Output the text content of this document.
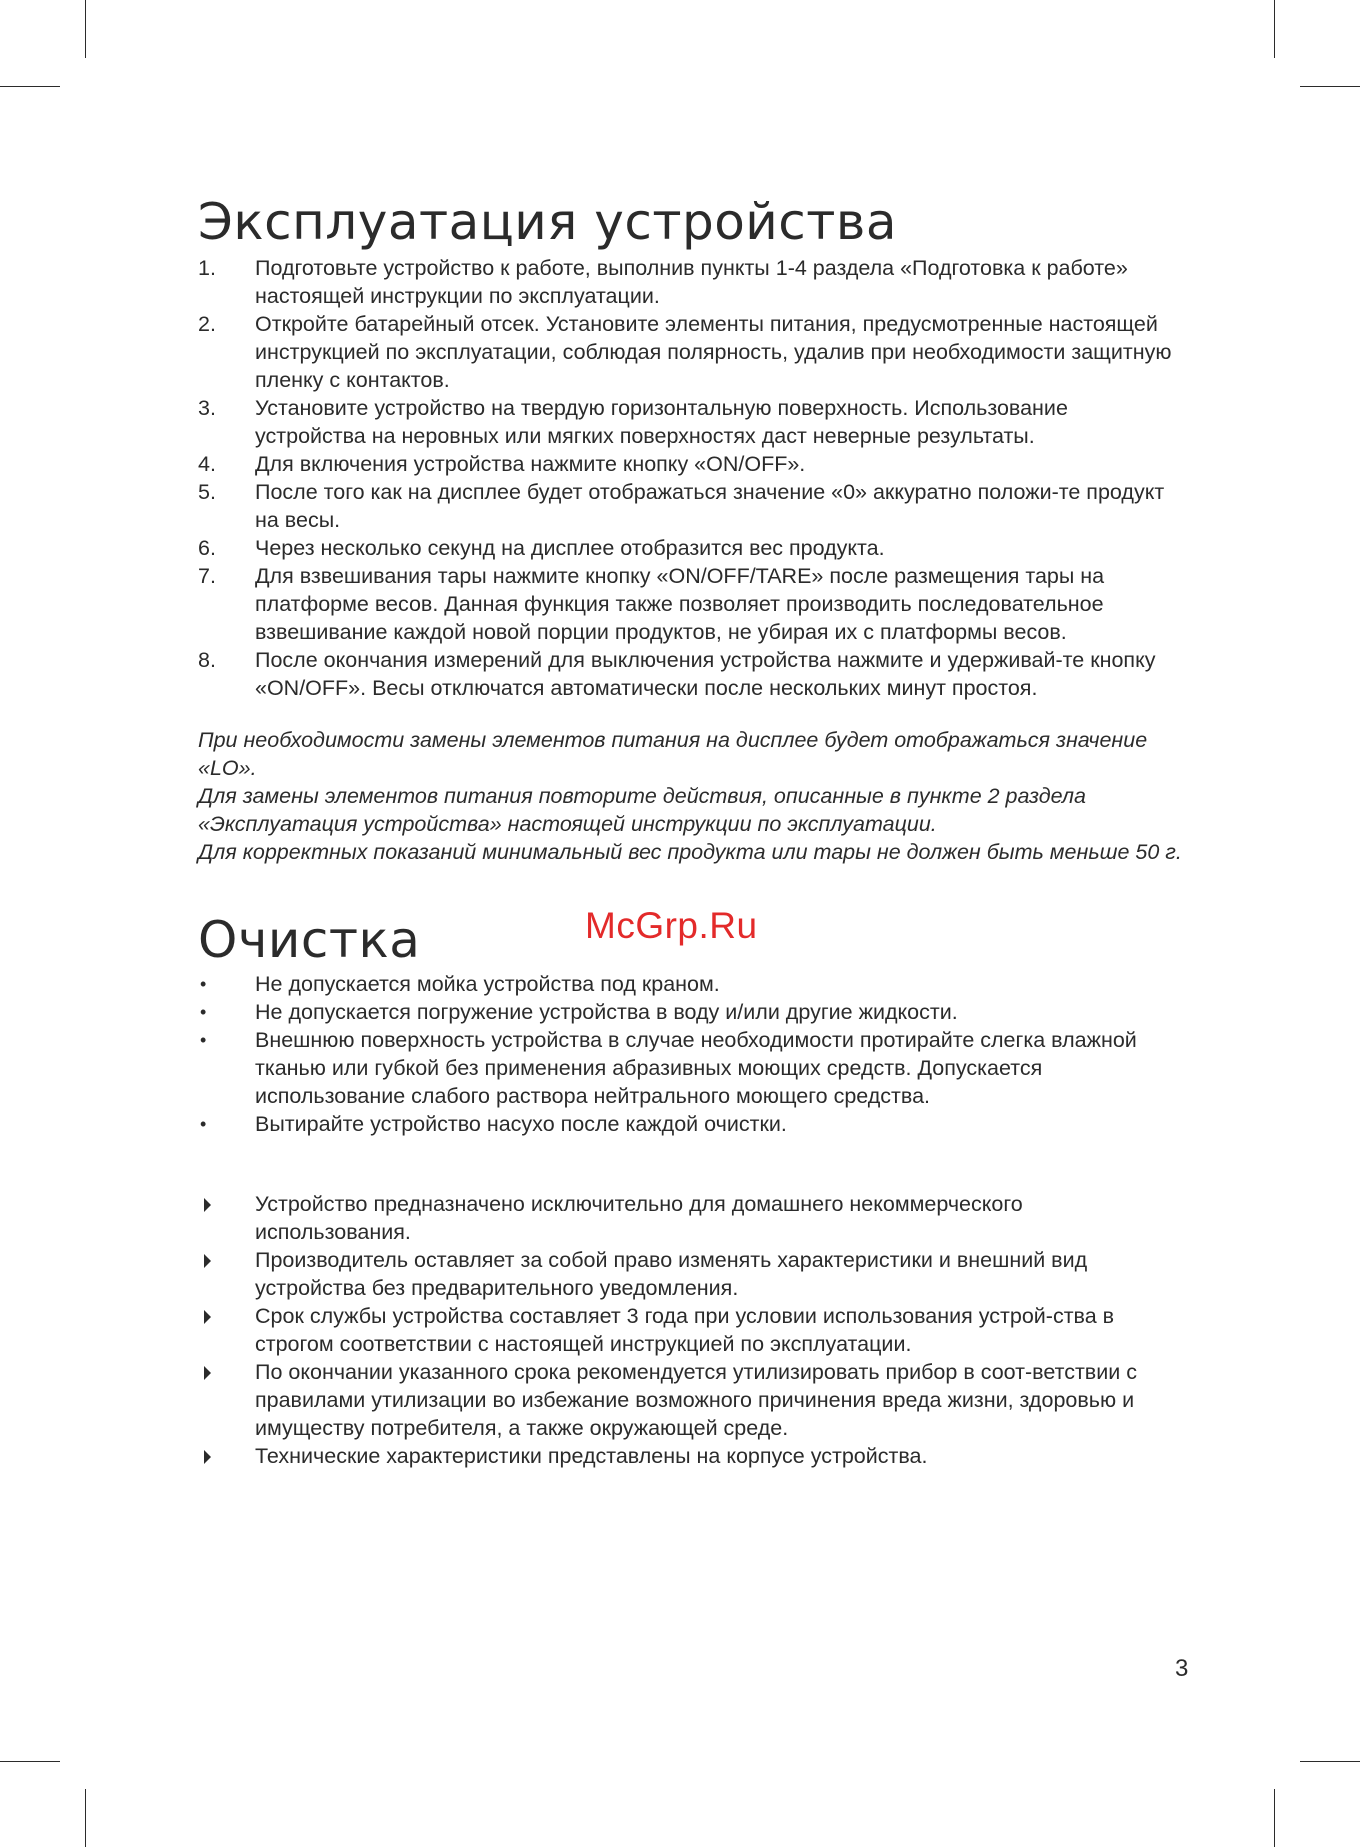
Эксплуатация устройства
1.	Подготовьте устройство к работе, выполнив пункты 1-4 раздела «Подготовка к работе» настоящей инструкции по эксплуатации.
2.	Откройте батарейный отсек. Установите элементы питания, предусмотренные настоящей инструкцией по эксплуатации, соблюдая полярность, удалив при необходимости защитную пленку с контактов.
3.	Установите устройство на твердую горизонтальную поверхность. Использование устройства на неровных или мягких поверхностях даст неверные результаты.
4.	Для включения устройства нажмите кнопку «ON/OFF».
5.	После того как на дисплее будет отображаться значение «0» аккуратно положи-те продукт на весы.
6.	Через несколько секунд на дисплее отобразится вес продукта.
7.	Для взвешивания тары нажмите кнопку «ON/OFF/TARE» после размещения тары на платформе весов. Данная функция также позволяет производить последовательное взвешивание каждой новой порции продуктов, не убирая их с платформы весов.
8.	После окончания измерений для выключения устройства нажмите и удерживай-те кнопку «ON/OFF». Весы отключатся автоматически после нескольких минут простоя.

При необходимости замены элементов питания на дисплее будет отображаться значение «LO».

Для замены элементов питания повторите действия, описанные в пункте 2 раздела «Эксплуатация устройства» настоящей инструкции по эксплуатации.

Для корректных показаний минимальный вес продукта или тары не должен быть меньше 50 г.

Очистка
•	Не допускается мойка устройства под краном.
•	Не допускается погружение устройства в воду и/или другие жидкости.
•	Внешнюю поверхность устройства в случае необходимости протирайте слегка влажной тканью или губкой без применения абразивных моющих средств. Допускается использование слабого раствора нейтрального моющего средства.
•	Вытирайте устройство насухо после каждой очистки.
Устройство предназначено исключительно для домашнего некоммерческого использования.
Производитель оставляет за собой право изменять характеристики и внешний вид устройства без предварительного уведомления.
Срок службы устройства составляет 3 года при условии использования устрой-ства в строгом соответствии с настоящей инструкцией по эксплуатации.
По окончании указанного срока рекомендуется утилизировать прибор в соот-ветствии с правилами утилизации во избежание возможного причинения вреда жизни, здоровью и имуществу потребителя, а также окружающей среде.
Технические характеристики представлены на корпусе устройства.
McGrp.Ru
3
